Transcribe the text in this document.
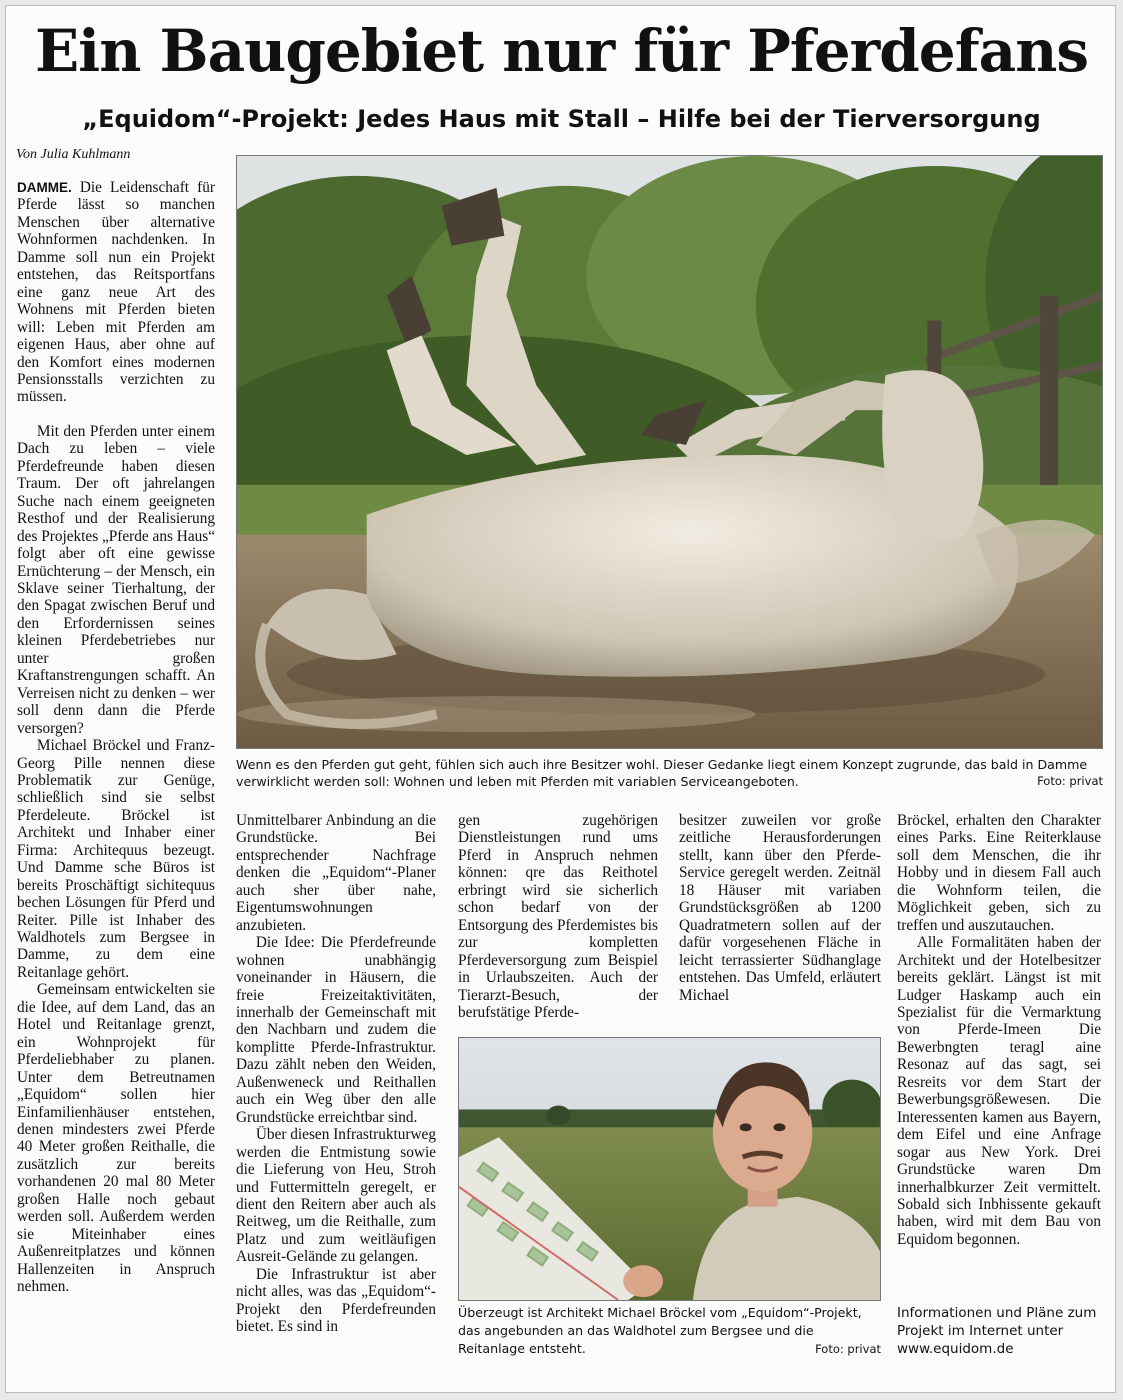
Ein Baugebiet nur für Pferdefans
„Equidom“-Projekt: Jedes Haus mit Stall – Hilfe bei der Tierversorgung
Von Julia Kuhlmann

DAMME. Die Leidenschaft für Pferde lässt so manchen Menschen über alternative Wohnformen nachdenken. In Damme soll nun ein Projekt entstehen, das Reitsportfans eine ganz neue Art des Wohnens mit Pferden bieten will: Leben mit Pferden am eigenen Haus, aber ohne auf den Komfort eines modernen Pensionsstalls verzichten zu müssen.

Mit den Pferden unter einem Dach zu leben – viele Pferdefreunde haben diesen Traum. Der oft jahrelangen Suche nach einem geeigneten Resthof und der Realisierung des Projektes „Pferde ans Haus“ folgt aber oft eine gewisse Ernüchterung – der Mensch, ein Sklave seiner Tierhaltung, der den Spagat zwischen Beruf und den Erfordernissen seines kleinen Pferdebetriebes nur unter großen Kraftanstrengungen schafft. An Verreisen nicht zu denken – wer soll denn dann die Pferde versorgen?

Michael Bröckel und Franz-Georg Pille nennen diese Problematik zur Genüge, schließlich sind sie selbst Pferdeleute. Bröckel ist Architekt und Inhaber einer Firma: Architequus bezeugt. Und Damme sche Büros ist bereits Proschäftigt sichitequus bechen Lösungen für Pferd und Reiter. Pille ist Inhaber des Waldhotels zum Bergsee in Damme, zu dem eine Reitanlage gehört.

Gemeinsam entwickelten sie die Idee, auf dem Land, das an Hotel und Reitanlage grenzt, ein Wohnprojekt für Pferdeliebhaber zu planen. Unter dem Betreutnamen „Equidom“ sollen hier Einfamilienhäuser entstehen, denen mindesters zwei Pferde 40 Meter großen Reithalle, die zusätzlich zur bereits vorhandenen 20 mal 80 Meter großen Halle noch gebaut werden soll. Außerdem werden sie Miteinhaber eines Außenreitplatzes und können Hallenzeiten in Anspruch nehmen.

Wenn es den Pferden gut geht, fühlen sich auch ihre Besitzer wohl. Dieser Gedanke liegt einem Konzept zugrunde, das bald in Damme verwirklicht werden soll: Wohnen und leben mit Pferden mit variablen Serviceangeboten.	Foto: privat

Unmittelbarer Anbindung an die Grundstücke. Bei entsprechender Nachfrage denken die „Equidom“-Planer auch sher über nahe, Eigentumswohnungen anzubieten.

Die Idee: Die Pferdefreunde wohnen unabhängig voneinander in Häusern, die freie Freizeitaktivitäten, innerhalb der Gemeinschaft mit den Nachbarn und zudem die komplitte Pferde-Infrastruktur. Dazu zählt neben den Weiden, Außenweneck und Reithallen auch ein Weg über den alle Grundstücke erreichtbar sind.

Über diesen Infrastrukturweg werden die Entmistung sowie die Lieferung von Heu, Stroh und Futtermitteln geregelt, er dient den Reitern aber auch als Reitweg, um die Reithalle, zum Platz und zum weitläufigen Ausreit-Gelände zu gelangen.

Die Infrastruktur ist aber nicht alles, was das „Equidom“-Projekt den Pferdefreunden bietet. Es sind in

gen zugehörigen Dienstleistungen rund ums Pferd in Anspruch nehmen können: qre das Reithotel erbringt wird sie sicherlich schon bedarf von der Entsorgung des Pferdemistes bis zur kompletten Pferdeversorgung zum Beispiel in Urlaubszeiten. Auch der Tierarzt-Besuch, der berufstätige Pferde-

besitzer zuweilen vor große zeitliche Herausforderungen stellt, kann über den Pferde-Service geregelt werden. Zeitnäl 18 Häuser mit variaben Grundstücksgrößen ab 1200 Quadratmetern sollen auf der dafür vorgesehenen Fläche in leicht terrassierter Südhanglage entstehen. Das Umfeld, erläutert Michael

Überzeugt ist Architekt Michael Bröckel vom „Equidom“-Projekt, das angebunden an das Waldhotel zum Bergsee und die Reitanlage entsteht.	Foto: privat

Bröckel, erhalten den Charakter eines Parks. Eine Reiterklause soll dem Menschen, die ihr Hobby und in diesem Fall auch die Wohnform teilen, die Möglichkeit geben, sich zu treffen und auszutauchen.

Alle Formalitäten haben der Architekt und der Hotelbesitzer bereits geklärt. Längst ist mit Ludger Haskamp auch ein Spezialist für die Vermarktung von Pferde-Imeen Die Bewerbngten teragl aine Resonaz auf das sagt, sei Resreits vor dem Start der Bewerbungsgrößewesen. Die Interessenten kamen aus Bayern, dem Eifel und eine Anfrage sogar aus New York. Drei Grundstücke waren Dm innerhalbkurzer Zeit vermittelt. Sobald sich Inbhissente gekauft haben, wird mit dem Bau von Equidom begonnen.

Informationen und Pläne zum Projekt im Internet unter www.equidom.de
